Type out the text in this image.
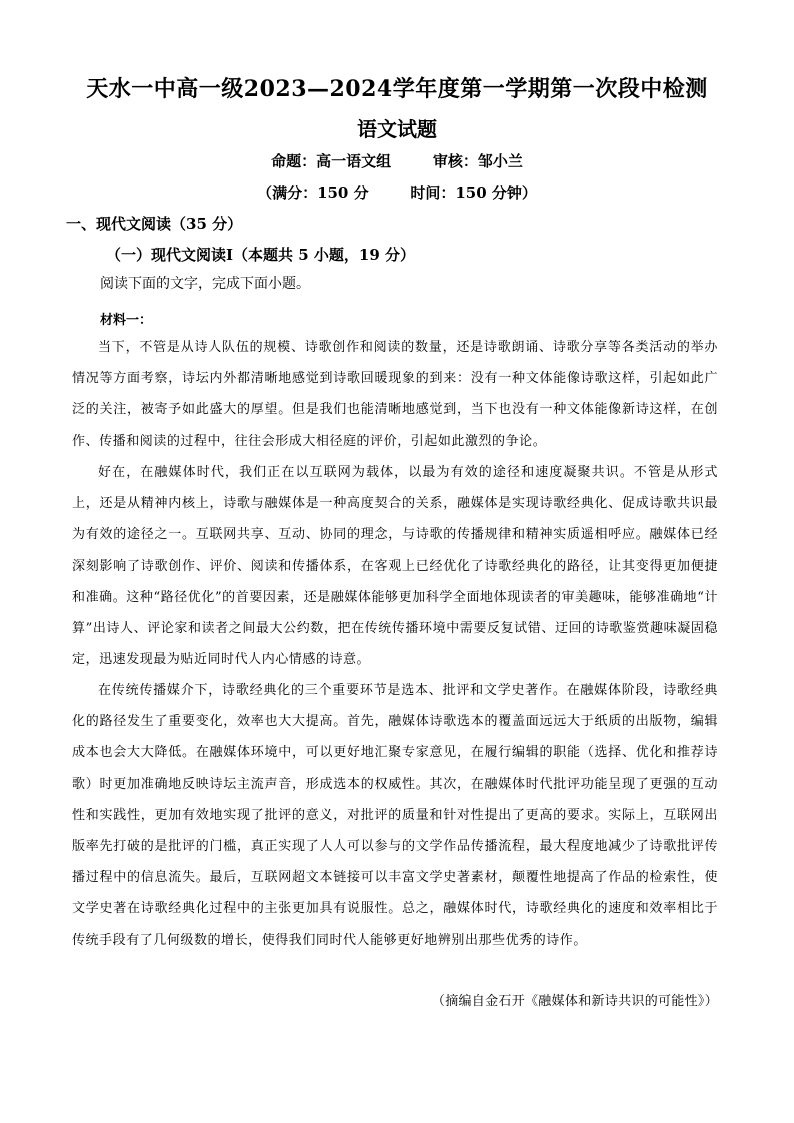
天水一中高一级2023—2024学年度第一学期第一次段中检测
语文试题
命题：高一语文组        审核：邹小兰
（满分：150 分        时间：150 分钟）
一、现代文阅读（35 分）
（一）现代文阅读Ⅰ（本题共 5 小题，19 分）
阅读下面的文字，完成下面小题。
材料一：

当下，不管是从诗人队伍的规模、诗歌创作和阅读的数量，还是诗歌朗诵、诗歌分享等各类活动的举办情况等方面考察，诗坛内外都清晰地感觉到诗歌回暖现象的到来：没有一种文体能像诗歌这样，引起如此广泛的关注，被寄予如此盛大的厚望。但是我们也能清晰地感觉到，当下也没有一种文体能像新诗这样，在创作、传播和阅读的过程中，往往会形成大相径庭的评价，引起如此激烈的争论。

好在，在融媒体时代，我们正在以互联网为载体，以最为有效的途径和速度凝聚共识。不管是从形式上，还是从精神内核上，诗歌与融媒体是一种高度契合的关系，融媒体是实现诗歌经典化、促成诗歌共识最为有效的途径之一。互联网共享、互动、协同的理念，与诗歌的传播规律和精神实质遥相呼应。融媒体已经深刻影响了诗歌创作、评价、阅读和传播体系，在客观上已经优化了诗歌经典化的路径，让其变得更加便捷和准确。这种“路径优化”的首要因素，还是融媒体能够更加科学全面地体现读者的审美趣味，能够准确地“计算”出诗人、评论家和读者之间最大公约数，把在传统传播环境中需要反复试错、迂回的诗歌鉴赏趣味凝固稳定，迅速发现最为贴近同时代人内心情感的诗意。

在传统传播媒介下，诗歌经典化的三个重要环节是选本、批评和文学史著作。在融媒体阶段，诗歌经典化的路径发生了重要变化，效率也大大提高。首先，融媒体诗歌选本的覆盖面远远大于纸质的出版物，编辑成本也会大大降低。在融媒体环境中，可以更好地汇聚专家意见，在履行编辑的职能（选择、优化和推荐诗歌）时更加准确地反映诗坛主流声音，形成选本的权威性。其次，在融媒体时代批评功能呈现了更强的互动性和实践性，更加有效地实现了批评的意义，对批评的质量和针对性提出了更高的要求。实际上，互联网出版率先打破的是批评的门槛，真正实现了人人可以参与的文学作品传播流程，最大程度地减少了诗歌批评传播过程中的信息流失。最后，互联网超文本链接可以丰富文学史著素材，颠覆性地提高了作品的检索性，使文学史著在诗歌经典化过程中的主张更加具有说服性。总之，融媒体时代，诗歌经典化的速度和效率相比于传统手段有了几何级数的增长，使得我们同时代人能够更好地辨别出那些优秀的诗作。

（摘编自金石开《融媒体和新诗共识的可能性》）
